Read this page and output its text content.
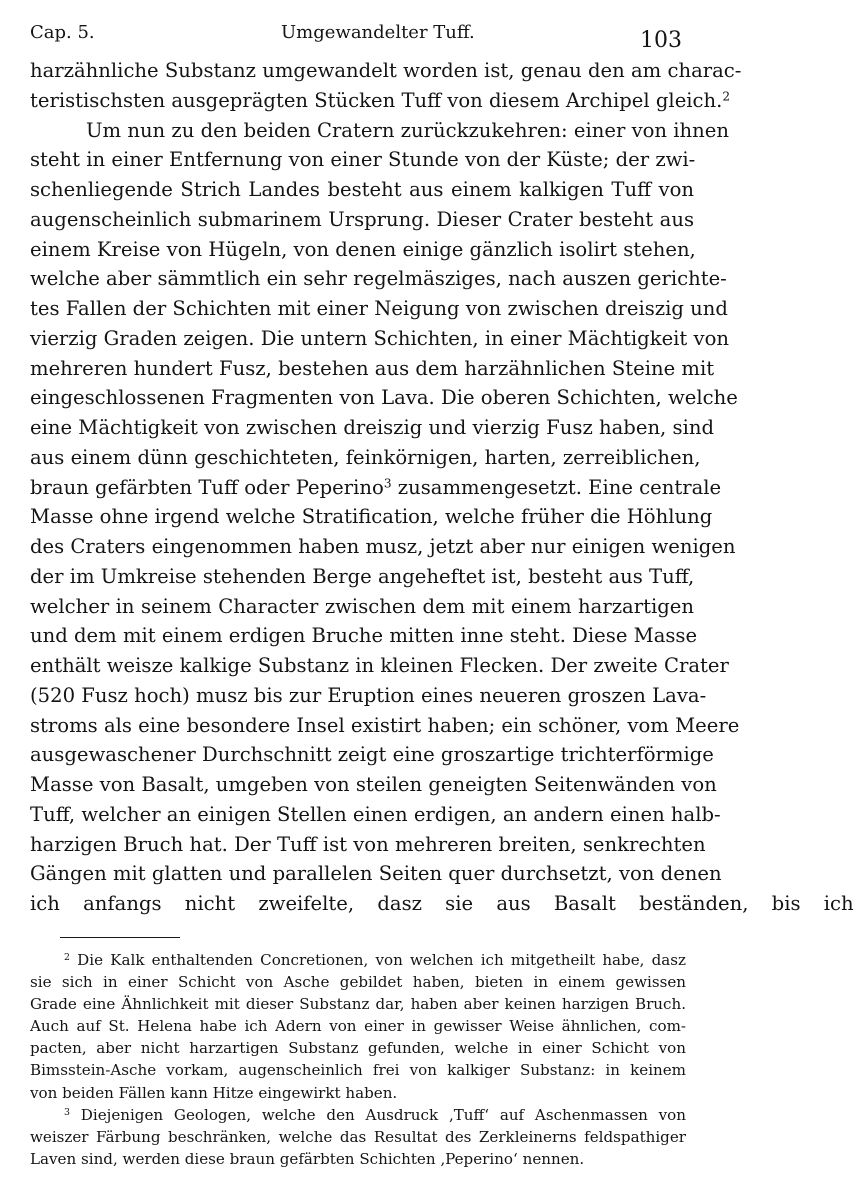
Cap. 5.	Umgewandelter Tuff.	103
harzähnliche Substanz umgewandelt worden ist, genau den am charac-
teristischsten ausgeprägten Stücken Tuff von diesem Archipel gleich.$^2$
Um nun zu den beiden Cratern zurückzukehren: einer von ihnen
steht in einer Entfernung von einer Stunde von der Küste; der zwi-
schenliegende Strich Landes besteht aus einem kalkigen Tuff von
augenscheinlich submarinem Ursprung. Dieser Crater besteht aus
einem Kreise von Hügeln, von denen einige gänzlich isolirt stehen,
welche aber sämmtlich ein sehr regelmäsziges, nach auszen gerichte-
tes Fallen der Schichten mit einer Neigung von zwischen dreiszig und
vierzig Graden zeigen. Die untern Schichten, in einer Mächtigkeit von
mehreren hundert Fusz, bestehen aus dem harzähnlichen Steine mit
eingeschlossenen Fragmenten von Lava. Die oberen Schichten, welche
eine Mächtigkeit von zwischen dreiszig und vierzig Fusz haben, sind
aus einem dünn geschichteten, feinkörnigen, harten, zerreiblichen,
braun gefärbten Tuff oder Peperino$^3$ zusammengesetzt. Eine centrale
Masse ohne irgend welche Stratification, welche früher die Höhlung
des Craters eingenommen haben musz, jetzt aber nur einigen wenigen
der im Umkreise stehenden Berge angeheftet ist, besteht aus Tuff,
welcher in seinem Character zwischen dem mit einem harzartigen
und dem mit einem erdigen Bruche mitten inne steht. Diese Masse
enthält weisze kalkige Substanz in kleinen Flecken. Der zweite Crater
(520 Fusz hoch) musz bis zur Eruption eines neueren groszen Lava-
stroms als eine besondere Insel existirt haben; ein schöner, vom Meere
ausgewaschener Durchschnitt zeigt eine groszartige trichterförmige
Masse von Basalt, umgeben von steilen geneigten Seitenwänden von
Tuff, welcher an einigen Stellen einen erdigen, an andern einen halb-
harzigen Bruch hat. Der Tuff ist von mehreren breiten, senkrechten
Gängen mit glatten und parallelen Seiten quer durchsetzt, von denen
ich anfangs nicht zweifelte, dasz sie aus Basalt beständen, bis ich
$^2$ Die Kalk enthaltenden Concretionen, von welchen ich mitgetheilt habe, dasz
sie sich in einer Schicht von Asche gebildet haben, bieten in einem gewissen
Grade eine Ähnlichkeit mit dieser Substanz dar, haben aber keinen harzigen Bruch.
Auch auf St. Helena habe ich Adern von einer in gewisser Weise ähnlichen, com-
pacten, aber nicht harzartigen Substanz gefunden, welche in einer Schicht von
Bimsstein-Asche vorkam, augenscheinlich frei von kalkiger Substanz: in keinem
von beiden Fällen kann Hitze eingewirkt haben.
$^3$ Diejenigen Geologen, welche den Ausdruck ‚Tuff‘ auf Aschenmassen von
weiszer Färbung beschränken, welche das Resultat des Zerkleinerns feldspathiger
Laven sind, werden diese braun gefärbten Schichten ‚Peperino‘ nennen.
